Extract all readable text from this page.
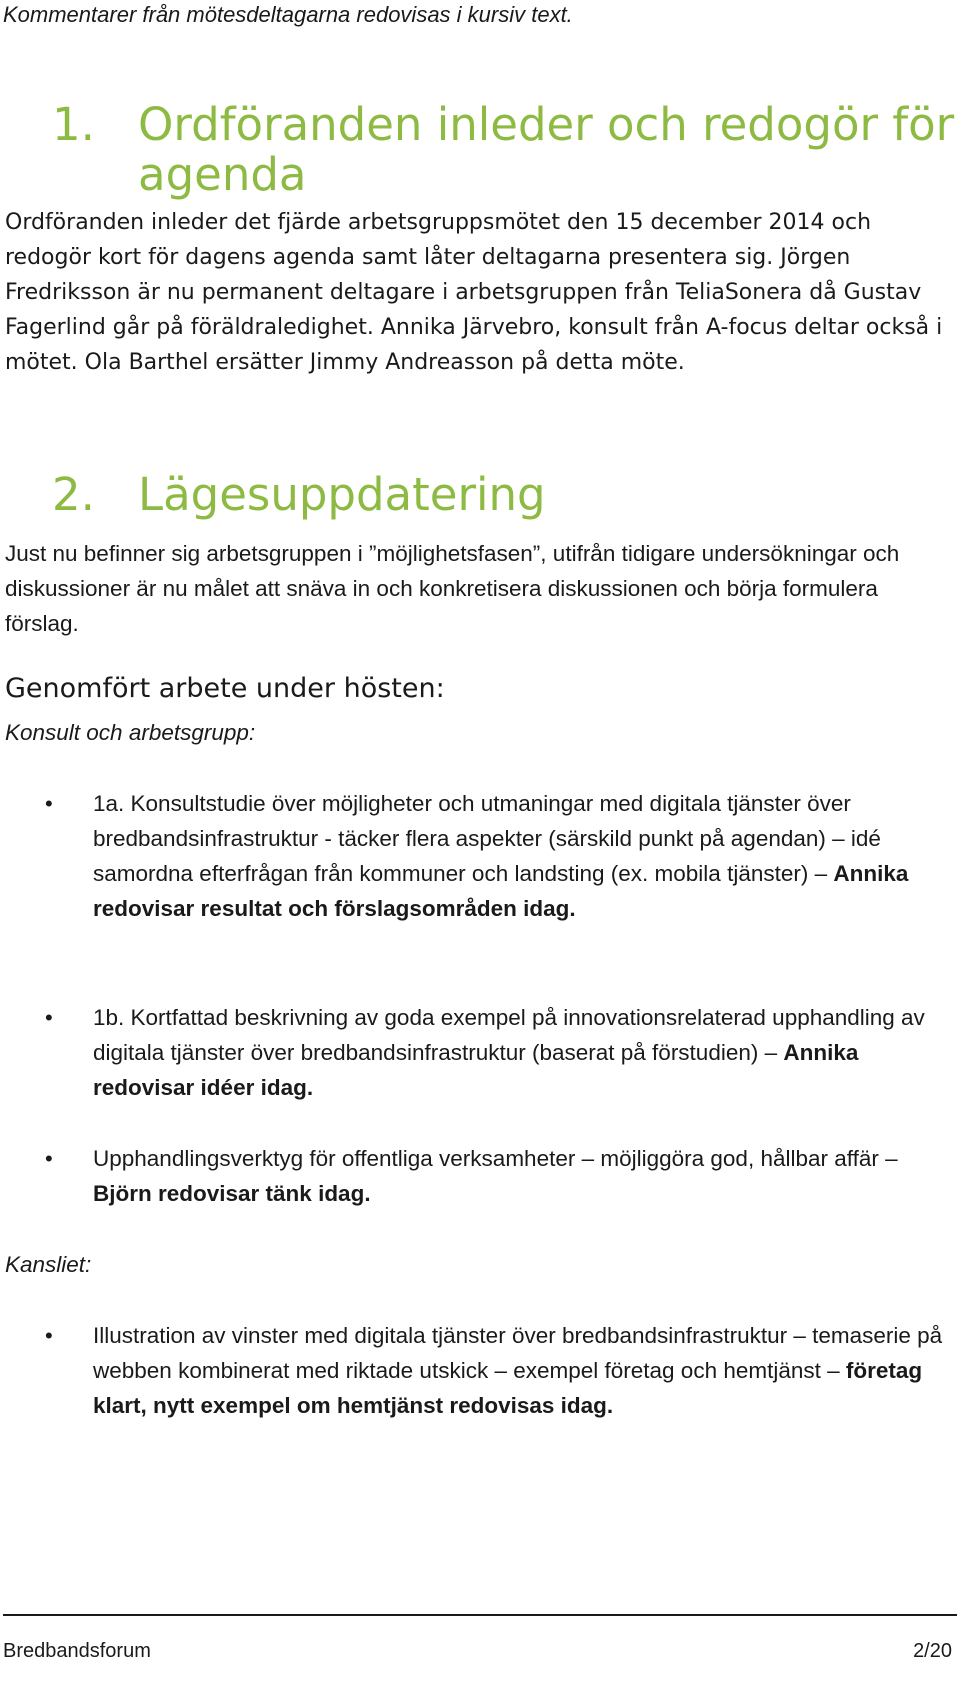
Kommentarer från mötesdeltagarna redovisas i kursiv text.
1. Ordföranden inleder och redogör för agenda
Ordföranden inleder det fjärde arbetsgruppsmötet den 15 december 2014 och redogör kort för dagens agenda samt låter deltagarna presentera sig. Jörgen Fredriksson är nu permanent deltagare i arbetsgruppen från TeliaSonera då Gustav Fagerlind går på föräldraledighet. Annika Järvebro, konsult från A-focus deltar också i mötet. Ola Barthel ersätter Jimmy Andreasson på detta möte.
2. Lägesuppdatering
Just nu befinner sig arbetsgruppen i ”möjlighetsfasen”, utifrån tidigare undersökningar och diskussioner är nu målet att snäva in och konkretisera diskussionen och börja formulera förslag.
Genomfört arbete under hösten:
Konsult och arbetsgrupp:
• 1a. Konsultstudie över möjligheter och utmaningar med digitala tjänster över bredbandsinfrastruktur - täcker flera aspekter (särskild punkt på agendan) – idé samordna efterfrågan från kommuner och landsting (ex. mobila tjänster) – Annika redovisar resultat och förslagsområden idag.
• 1b. Kortfattad beskrivning av goda exempel på innovationsrelaterad upphandling av digitala tjänster över bredbandsinfrastruktur (baserat på förstudien) – Annika redovisar idéer idag.
• Upphandlingsverktyg för offentliga verksamheter – möjliggöra god, hållbar affär – Björn redovisar tänk idag.
Kansliet:
• Illustration av vinster med digitala tjänster över bredbandsinfrastruktur – temaserie på webben kombinerat med riktade utskick – exempel företag och hemtjänst – företag klart, nytt exempel om hemtjänst redovisas idag.
Bredbandsforum	2/20
